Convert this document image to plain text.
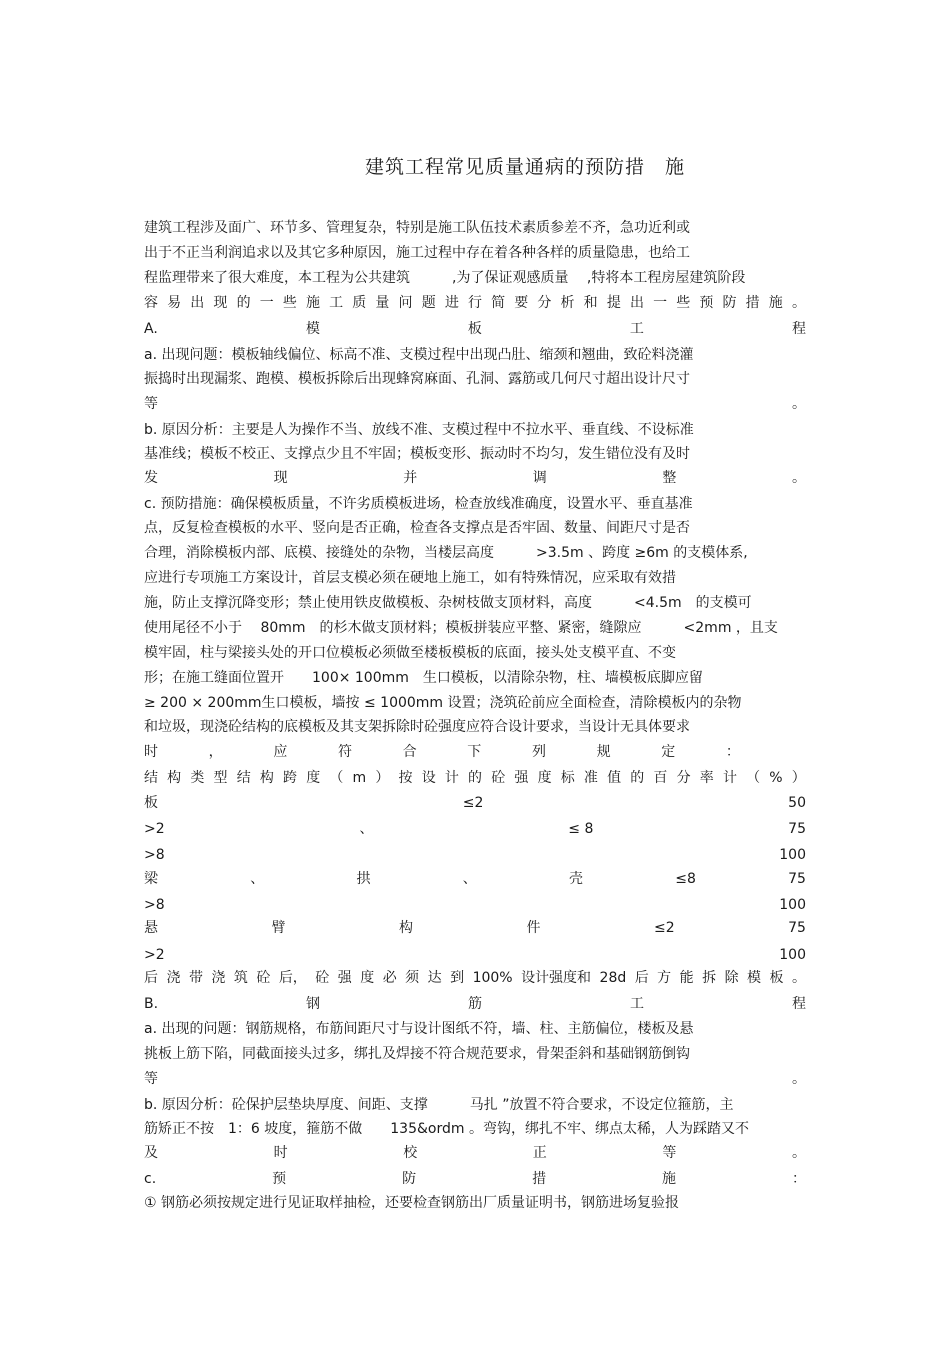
建筑工程常见质量通病的预防措　施
建筑工程涉及面广、环节多、管理复杂，特别是施工队伍技术素质参差不齐，急功近利或
出于不正当利润追求以及其它多种原因，施工过程中存在着各种各样的质量隐患，也给工
程监理带来了很大难度，本工程为公共建筑　　　,为了保证观感质量　 ,特将本工程房屋建筑阶段
容 易 出 现 的 一 些 施 工 质 量 问 题 进 行 简 要 分 析 和 提 出 一 些 预 防 措 施 。
A.	模	板	工	程
a. 出现问题：模板轴线偏位、标高不准、支模过程中出现凸肚、缩颈和翘曲，致砼料浇灌
振捣时出现漏浆、跑模、模板拆除后出现蜂窝麻面、孔洞、露筋或几何尺寸超出设计尺寸
等	。
b. 原因分析：主要是人为操作不当、放线不准、支模过程中不拉水平、垂直线、不设标准
基准线；模板不校正、支撑点少且不牢固；模板变形、振动时不均匀，发生错位没有及时
发	现	并	调	整	。
c. 预防措施：确保模板质量，不许劣质模板进场，检查放线准确度，设置水平、垂直基准
点，反复检查模板的水平、竖向是否正确，检查各支撑点是否牢固、数量、间距尺寸是否
合理，消除模板内部、底模、接缝处的杂物，当楼层高度　　　>3.5m 、跨度 ≥6m 的支模体系,
应进行专项施工方案设计，首层支模必须在硬地上施工，如有特殊情况，应采取有效措
施，防止支撑沉降变形；禁止使用铁皮做模板、杂树枝做支顶材料，高度　　　<4.5m　的支模可
使用尾径不小于　 80mm　的杉木做支顶材料；模板拼装应平整、紧密，缝隙应　　　<2mm ，且支
模牢固，柱与梁接头处的开口位模板必须做至楼板模板的底面，接头处支模平直、不变
形；在施工缝面位置开　　100× 100mm　生口模板，以清除杂物，柱、墙模板底脚应留
≥ 200 × 200mm生口模板，墙按 ≤ 1000mm 设置；浇筑砼前应全面检查，清除模板内的杂物
和垃圾，现浇砼结构的底模板及其支架拆除时砼强度应符合设计要求，当设计无具体要求
时	，	应	符	合	下	列	规	定	：
结 构 类 型 结 构 跨 度 （ m ） 按 设 计 的 砼 强 度 标 准 值 的 百 分 率 计 （ % ）
板	≤2	50
>2	、	≤ 8	75
>8	100
梁	、	拱	、	壳	≤8	75
>8	100
悬	臂	构	件	≤2	75
>2	100
后 浇 带 浇 筑 砼 后， 砼 强 度 必 须 达 到 100% 设计强度和 28d 后 方 能 拆 除 模 板 。
B.	钢	筋	工	程
a. 出现的问题：钢筋规格，布筋间距尺寸与设计图纸不符，墙、柱、主筋偏位，楼板及悬
挑板上筋下陷，同截面接头过多，绑扎及焊接不符合规范要求，骨架歪斜和基础钢筋倒钩
等	。
b. 原因分析：砼保护层垫块厚度、间距、支撑　　　马扎 ”放置不符合要求，不设定位箍筋，主
筋矫正不按　1：6 坡度，箍筋不做　　135&ordm 。弯钩，绑扎不牢、绑点太稀，人为踩踏又不
及	时	校	正	等	。
c.	预	防	措	施	：
① 钢筋必须按规定进行见证取样抽检，还要检查钢筋出厂质量证明书，钢筋进场复验报
